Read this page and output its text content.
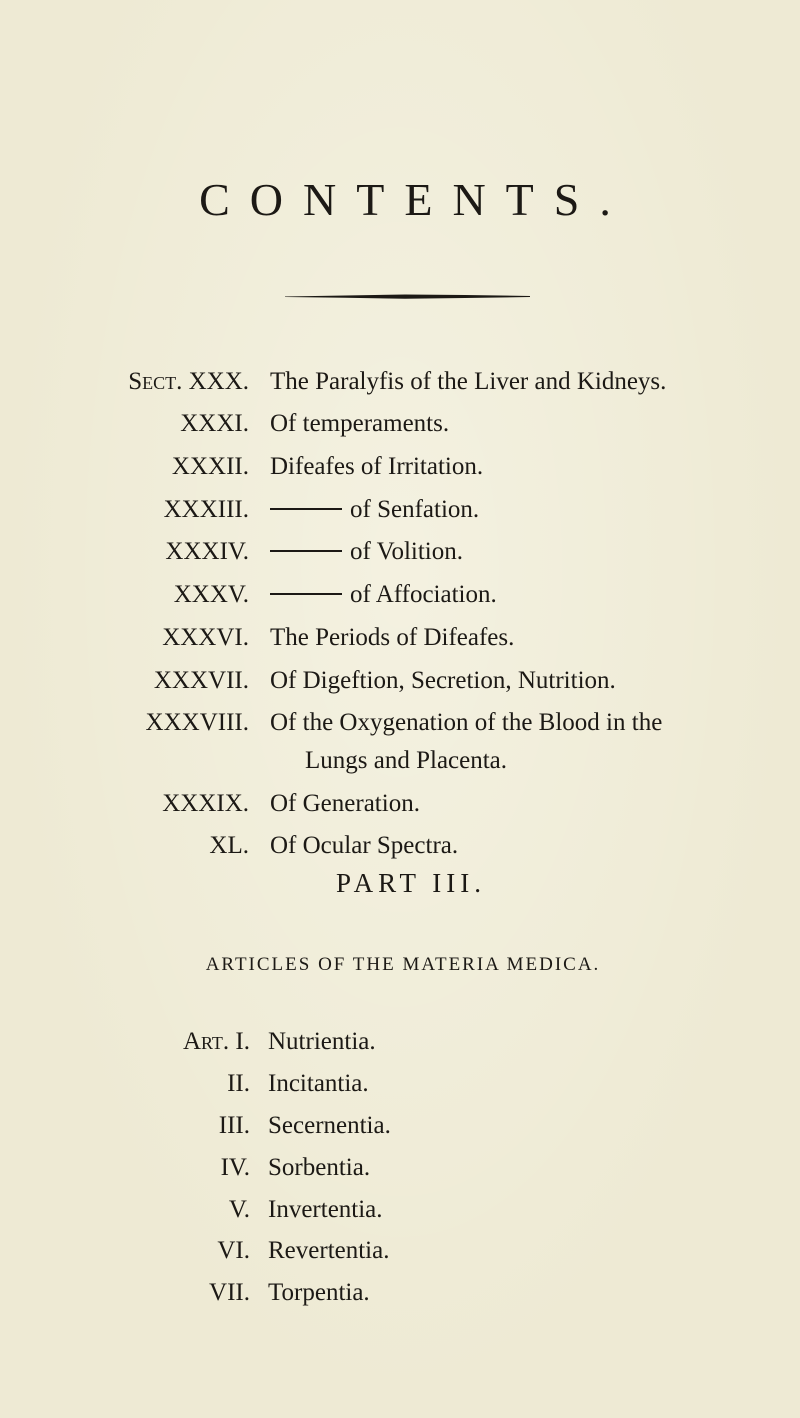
CONTENTS.
Sect. XXX. The Paralyfis of the Liver and Kidneys.
XXXI. Of temperaments.
XXXII. Difeafes of Irritation.
XXXIII.	of Senfation.
XXXIV.	of Volition.
XXXV.	of Affociation.
XXXVI. The Periods of Difeafes.
XXXVII. Of Digeftion, Secretion, Nutrition.
XXXVIII. Of the Oxygenation of the Blood in the
Lungs and Placenta.
XXXIX. Of Generation.
XL. Of Ocular Spectra.
PART III.
ARTICLES OF THE MATERIA MEDICA.
Art. I. Nutrientia.
II. Incitantia.
III. Secernentia.
IV. Sorbentia.
V. Invertentia.
VI. Revertentia.
VII. Torpentia.
